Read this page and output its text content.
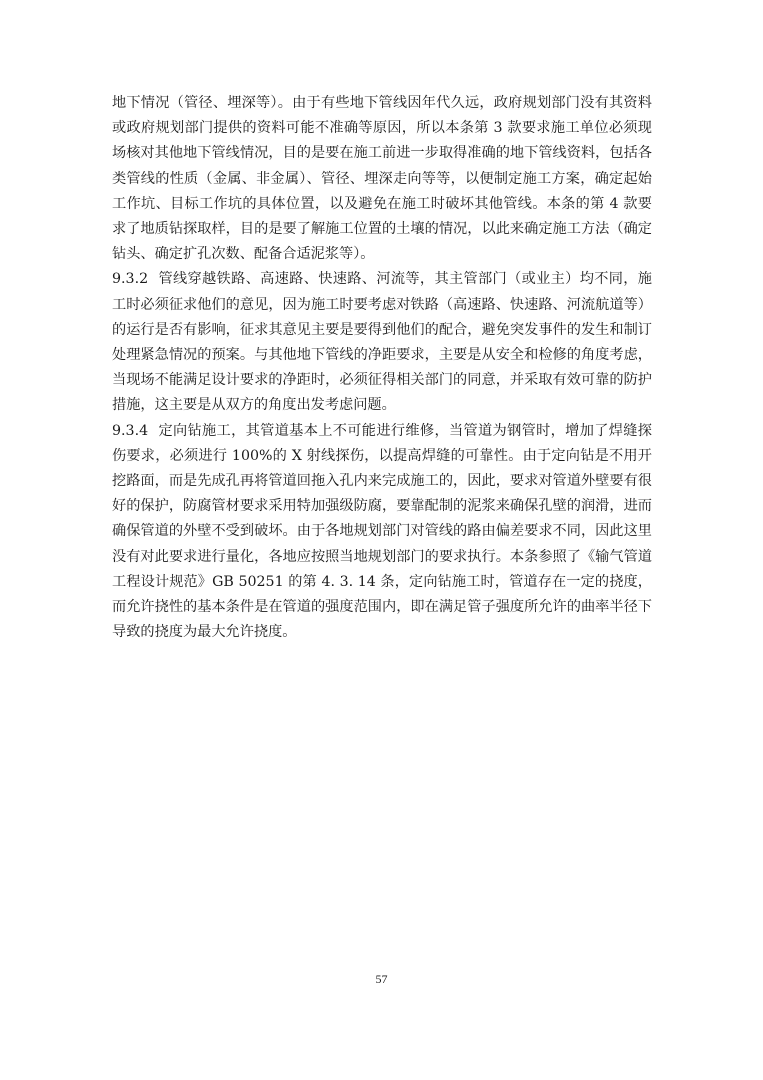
地下情况（管径、埋深等）。由于有些地下管线因年代久远，政府规划部门没有其资料或政府规划部门提供的资料可能不准确等原因，所以本条第 3 款要求施工单位必须现场核对其他地下管线情况，目的是要在施工前进一步取得准确的地下管线资料，包括各类管线的性质（金属、非金属）、管径、埋深走向等等，以便制定施工方案，确定起始工作坑、目标工作坑的具体位置，以及避免在施工时破坏其他管线。本条的第 4 款要求了地质钻探取样，目的是要了解施工位置的土壤的情况，以此来确定施工方法（确定钻头、确定扩孔次数、配备合适泥浆等）。

9.3.2 管线穿越铁路、高速路、快速路、河流等，其主管部门（或业主）均不同，施工时必须征求他们的意见，因为施工时要考虑对铁路（高速路、快速路、河流航道等）的运行是否有影响，征求其意见主要是要得到他们的配合，避免突发事件的发生和制订处理紧急情况的预案。与其他地下管线的净距要求，主要是从安全和检修的角度考虑，当现场不能满足设计要求的净距时，必须征得相关部门的同意，并采取有效可靠的防护措施，这主要是从双方的角度出发考虑问题。

9.3.4 定向钻施工，其管道基本上不可能进行维修，当管道为钢管时，增加了焊缝探伤要求，必须进行 100%的 X 射线探伤，以提高焊缝的可靠性。由于定向钻是不用开挖路面，而是先成孔再将管道回拖入孔内来完成施工的，因此，要求对管道外壁要有很好的保护，防腐管材要求采用特加强级防腐，要靠配制的泥浆来确保孔壁的润滑，进而确保管道的外壁不受到破坏。由于各地规划部门对管线的路由偏差要求不同，因此这里没有对此要求进行量化，各地应按照当地规划部门的要求执行。本条参照了《输气管道工程设计规范》GB 50251 的第 4. 3. 14 条，定向钻施工时，管道存在一定的挠度，而允许挠性的基本条件是在管道的强度范围内，即在满足管子强度所允许的曲率半径下导致的挠度为最大允许挠度。

57
